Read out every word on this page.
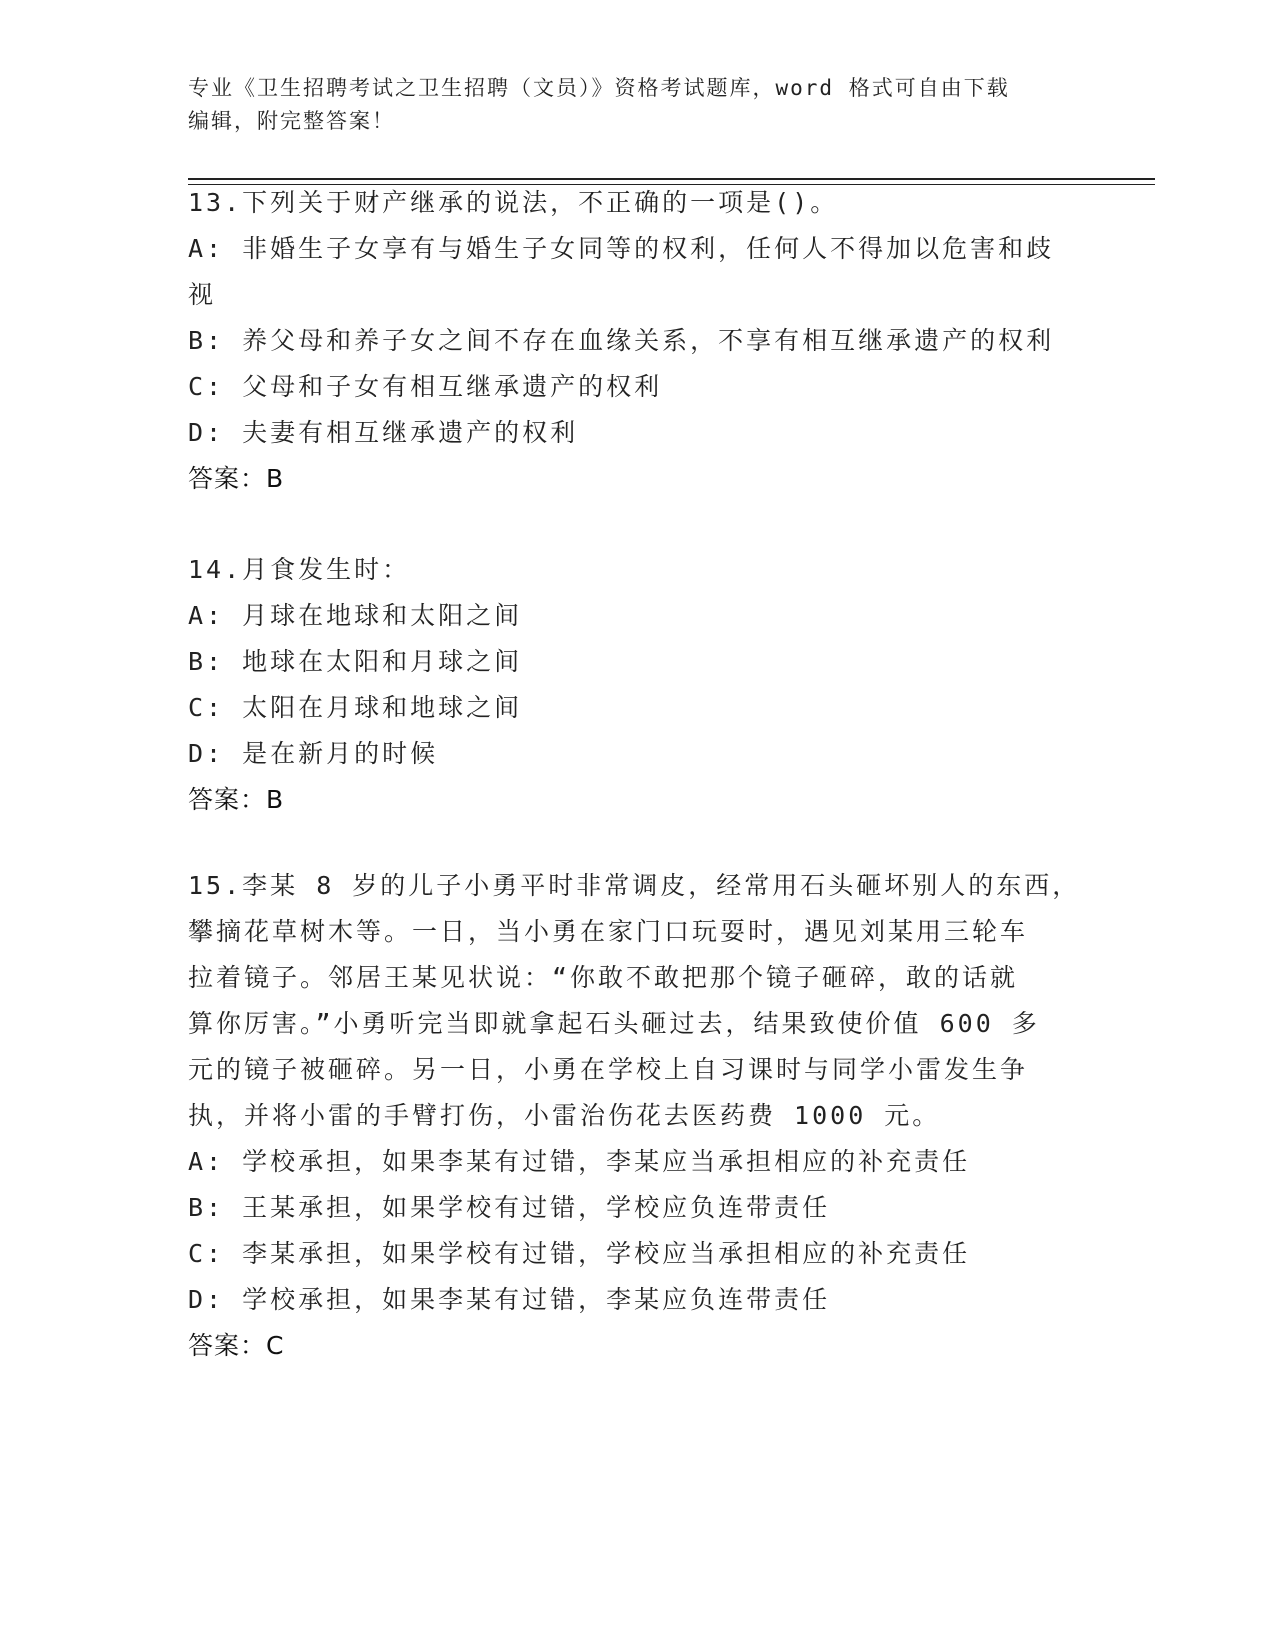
专业《卫生招聘考试之卫生招聘（文员）》资格考试题库，word 格式可自由下载
编辑，附完整答案！
13.下列关于财产继承的说法，不正确的一项是()。
A: 非婚生子女享有与婚生子女同等的权利，任何人不得加以危害和歧
视
B: 养父母和养子女之间不存在血缘关系，不享有相互继承遗产的权利
C: 父母和子女有相互继承遗产的权利
D: 夫妻有相互继承遗产的权利
答案：B
14.月食发生时：
A: 月球在地球和太阳之间
B: 地球在太阳和月球之间
C: 太阳在月球和地球之间
D: 是在新月的时候
答案：B
15.李某 8 岁的儿子小勇平时非常调皮，经常用石头砸坏别人的东西，
攀摘花草树木等。一日，当小勇在家门口玩耍时，遇见刘某用三轮车
拉着镜子。邻居王某见状说：“你敢不敢把那个镜子砸碎，敢的话就
算你厉害。”小勇听完当即就拿起石头砸过去，结果致使价值 600 多
元的镜子被砸碎。另一日，小勇在学校上自习课时与同学小雷发生争
执，并将小雷的手臂打伤，小雷治伤花去医药费 1000 元。
A: 学校承担，如果李某有过错，李某应当承担相应的补充责任
B: 王某承担，如果学校有过错，学校应负连带责任
C: 李某承担，如果学校有过错，学校应当承担相应的补充责任
D: 学校承担，如果李某有过错，李某应负连带责任
答案：C
